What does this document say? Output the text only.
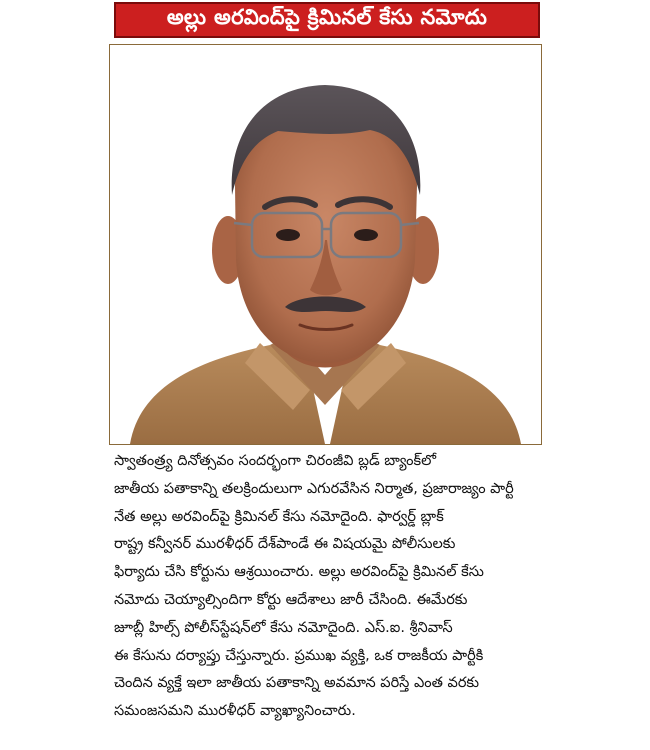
అల్లు అరవింద్‌పై క్రిమినల్ కేసు నమోదు

స్వాతంత్ర్య దినోత్సవం సందర్భంగా చిరంజీవి బ్లడ్ బ్యాంక్‌లో

జాతీయ పతాకాన్ని తలక్రిందులుగా ఎగురవేసిన నిర్మాత, ప్రజారాజ్యం పార్టీ

నేత అల్లు అరవింద్‌పై క్రిమినల్ కేసు నమోదైంది. ఫార్వర్డ్ బ్లాక్

రాష్ట్ర కన్వీనర్ మురళీధర్ దేశ్‌పాండే ఈ విషయమై పోలీసులకు

ఫిర్యాదు చేసి కోర్టును ఆశ్రయించారు. అల్లు అరవింద్‌పై క్రిమినల్ కేసు

నమోదు చెయ్యాల్సిందిగా కోర్టు ఆదేశాలు జారీ చేసింది. ఈమేరకు

జూబ్లీ హిల్స్ పోలీస్‌స్టేషన్‌లో కేసు నమోదైంది. ఎస్.ఐ. శ్రీనివాస్

ఈ కేసును దర్యాప్తు చేస్తున్నారు. ప్రముఖ వ్యక్తి, ఒక రాజకీయ పార్టీకి

చెందిన వ్యక్తే ఇలా జాతీయ పతాకాన్ని అవమాన పరిస్తే ఎంత వరకు

సమంజసమని మురళీధర్ వ్యాఖ్యానించారు.
